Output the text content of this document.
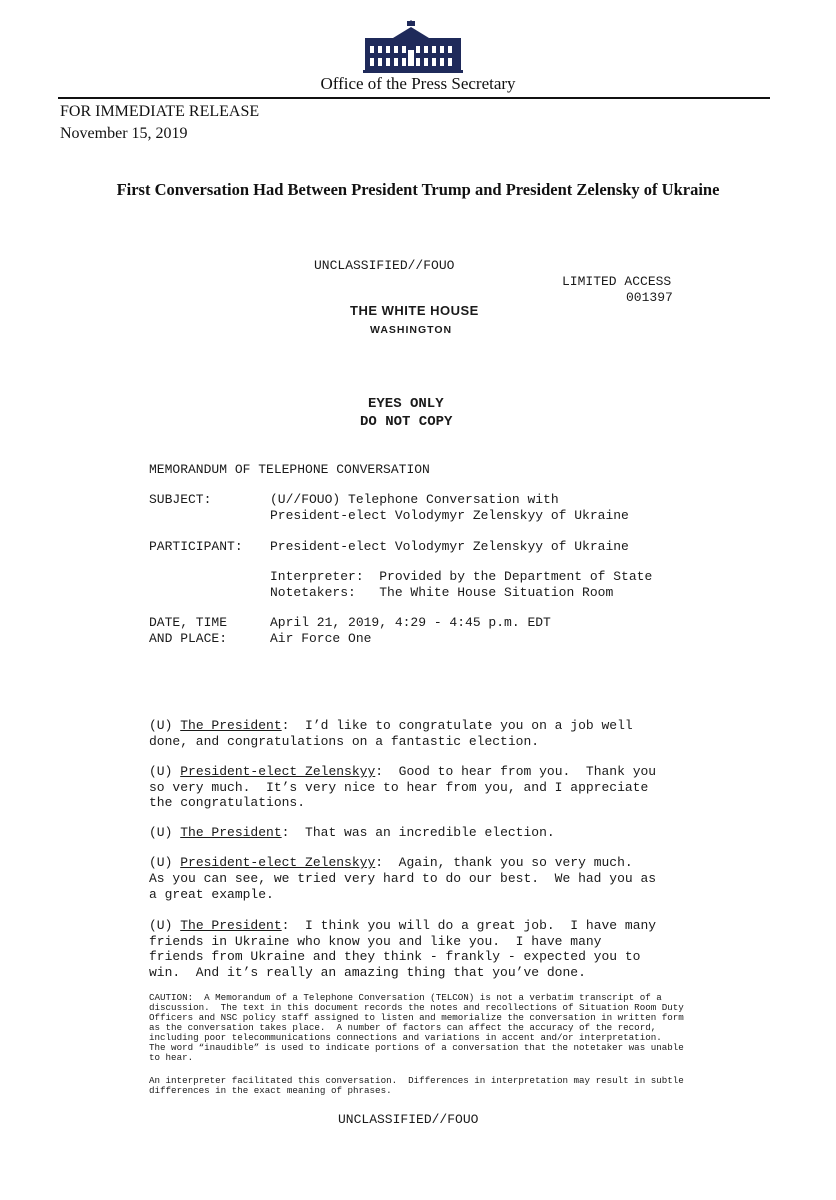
Office of the Press Secretary
FOR IMMEDIATE RELEASE
November 15, 2019
First Conversation Had Between President Trump and President Zelensky of Ukraine
UNCLASSIFIED//FOUO
LIMITED ACCESS
001397
THE WHITE HOUSE
WASHINGTON
EYES ONLY
DO NOT COPY
MEMORANDUM OF TELEPHONE CONVERSATION
SUBJECT:	(U//FOUO) Telephone Conversation with
President-elect Volodymyr Zelenskyy of Ukraine
PARTICIPANT: President-elect Volodymyr Zelenskyy of Ukraine
Interpreter:  Provided by the Department of State
Notetakers:   The White House Situation Room
DATE, TIME
AND PLACE:
April 21, 2019, 4:29 - 4:45 p.m. EDT
Air Force One
(U) The President:  I’d like to congratulate you on a job well
done, and congratulations on a fantastic election.
(U) President-elect Zelenskyy:  Good to hear from you.  Thank you
so very much.  It’s very nice to hear from you, and I appreciate
the congratulations.
(U) The President:  That was an incredible election.
(U) President-elect Zelenskyy:  Again, thank you so very much.
As you can see, we tried very hard to do our best.  We had you as
a great example.
(U) The President:  I think you will do a great job.  I have many
friends in Ukraine who know you and like you.  I have many
friends from Ukraine and they think - frankly - expected you to
win.  And it’s really an amazing thing that you’ve done.
CAUTION:  A Memorandum of a Telephone Conversation (TELCON) is not a verbatim transcript of a
discussion.  The text in this document records the notes and recollections of Situation Room Duty
Officers and NSC policy staff assigned to listen and memorialize the conversation in written form
as the conversation takes place.  A number of factors can affect the accuracy of the record,
including poor telecommunications connections and variations in accent and/or interpretation.
The word “inaudible” is used to indicate portions of a conversation that the notetaker was unable
to hear.
An interpreter facilitated this conversation.  Differences in interpretation may result in subtle
differences in the exact meaning of phrases.
UNCLASSIFIED//FOUO
